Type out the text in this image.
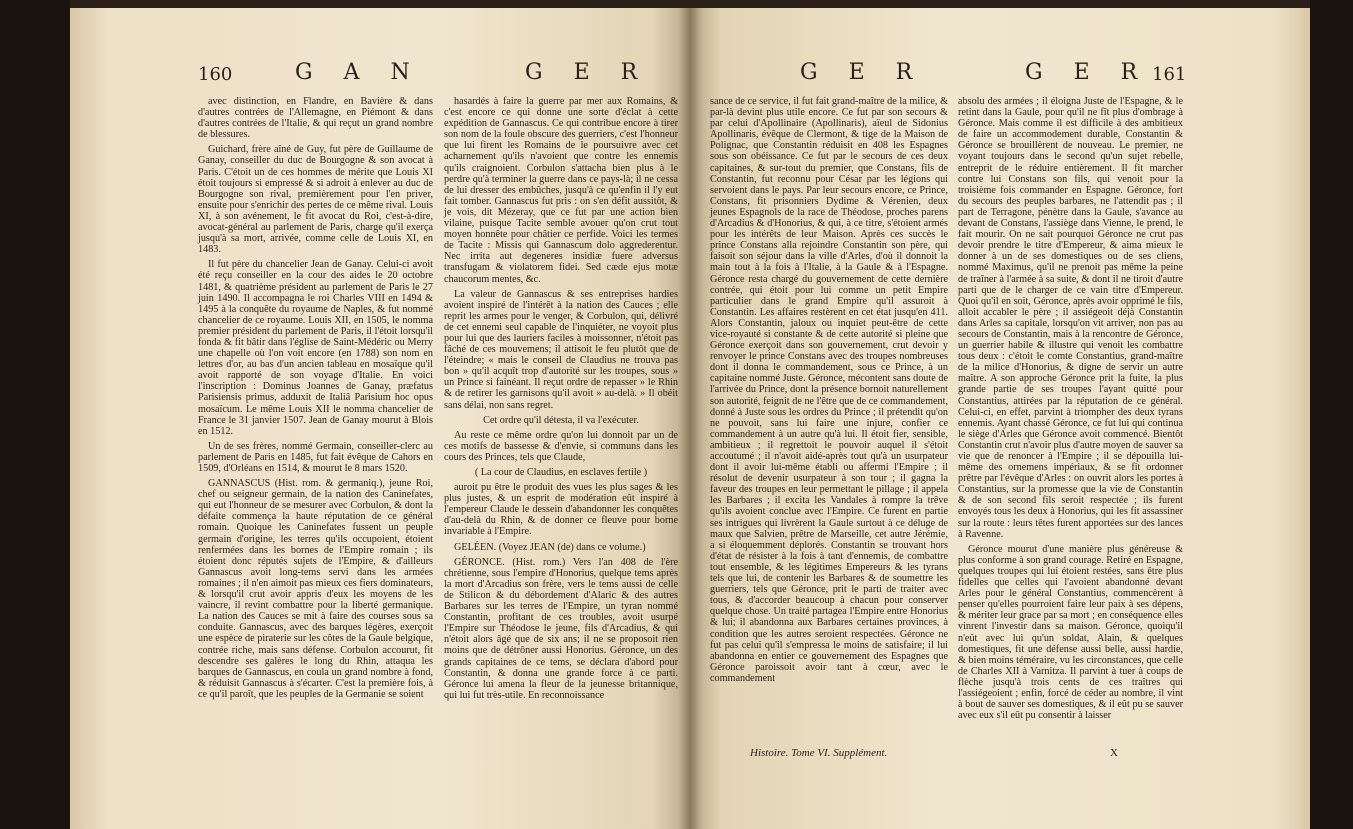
160	G A N	G E R

avec distinction, en Flandre, en Bavière & dans d'autres contrées de l'Allemagne, en Piémont & dans d'autres contrées de l'Italie, & qui reçut un grand nombre de blessures.

Guichard, frère aîné de Guy, fut père de Guillaume de Ganay, conseiller du duc de Bourgogne & son avocat à Paris. C'étoit un de ces hommes de mérite que Louis XI étoit toujours si empressé & si adroit à enlever au duc de Bourgogne son rival, premièrement pour l'en priver, ensuite pour s'enrichir des pertes de ce même rival. Louis XI, à son avénement, le fit avocat du Roi, c'est-à-dire, avocat-général au parlement de Paris, charge qu'il exerça jusqu'à sa mort, arrivée, comme celle de Louis XI, en 1483.

Il fut père du chancelier Jean de Ganay. Celui-ci avoit été reçu conseiller en la cour des aides le 20 octobre 1481, & quatrième président au parlement de Paris le 27 juin 1490. Il accompagna le roi Charles VIII en 1494 & 1495 à la conquête du royaume de Naples, & fut nommé chancelier de ce royaume. Louis XII, en 1505, le nomma premier président du parlement de Paris, il l'étoit lorsqu'il fonda & fit bâtir dans l'église de Saint-Médéric ou Merry une chapelle où l'on voit encore (en 1788) son nom en lettres d'or, au bas d'un ancien tableau en mosaïque qu'il avoit rapporté de son voyage d'Italie. En voici l'inscription : Dominus Joannes de Ganay, præfatus Parisiensis primus, adduxit de Italiâ Parisium hoc opus mosaïcum. Le même Louis XII le nomma chancelier de France le 31 janvier 1507. Jean de Ganay mourut à Blois en 1512.

Un de ses frères, nommé Germain, conseiller-clerc au parlement de Paris en 1485, fut fait évêque de Cahors en 1509, d'Orléans en 1514, & mourut le 8 mars 1520.

GANNASCUS (Hist. rom. & germaniq.), jeune Roi, chef ou seigneur germain, de la nation des Caninefates, qui eut l'honneur de se mesurer avec Corbulon, & dont la défaite commença la haute réputation de ce général romain. Quoique les Caninefates fussent un peuple germain d'origine, les terres qu'ils occupoient, étoient renfermées dans les bornes de l'Empire romain ; ils étoient donc réputés sujets de l'Empire, & d'ailleurs Gannascus avoit long-tems servi dans les armées romaines ; il n'en aimoit pas mieux ces fiers dominateurs, & lorsqu'il crut avoir appris d'eux les moyens de les vaincre, il revint combattre pour la liberté germanique. La nation des Cauces se mit à faire des courses sous sa conduite. Gannascus, avec des barques légères, exerçoit une espèce de piraterie sur les côtes de la Gaule belgique, contrée riche, mais sans défense. Corbulon accourut, fit descendre ses galères le long du Rhin, attaqua les barques de Gannascus, en coula un grand nombre à fond, & réduisit Gannascus à s'écarter. C'est la première fois, à ce qu'il paroît, que les peuples de la Germanie se soient

hasardés à faire la guerre par mer aux Romains, & c'est encore ce qui donne une sorte d'éclat à cette expédition de Gannascus. Ce qui contribue encore à tirer son nom de la foule obscure des guerriers, c'est l'honneur que lui firent les Romains de le poursuivre avec cet acharnement qu'ils n'avoient que contre les ennemis qu'ils craignoient. Corbulon s'attacha bien plus à le perdre qu'à terminer la guerre dans ce pays-là; il ne cessa de lui dresser des embûches, jusqu'à ce qu'enfin il l'y eut fait tomber. Gannascus fut pris : on s'en défit aussitôt, & je vois, dit Mézeray, que ce fut par une action bien vilaine, puisque Tacite semble avouer qu'on crut tout moyen honnête pour châtier ce perfide. Voici les termes de Tacite : Missis qui Gannascum dolo aggrederentur. Nec irrita aut degeneres insidiæ fuere adversus transfugam & violatorem fidei. Sed cæde ejus motæ chaucorum mentes, &c.

La valeur de Gannascus & ses entreprises hardies avoient inspiré de l'intérêt à la nation des Cauces ; elle reprit les armes pour le venger, & Corbulon, qui, délivré de cet ennemi seul capable de l'inquiéter, ne voyoit plus pour lui que des lauriers faciles à moissonner, n'étoit pas fâché de ces mouvemens; il attisoit le feu plutôt que de l'éteindre; « mais le conseil de Claudius ne trouva pas bon » qu'il acquît trop d'autorité sur les troupes, sous » un Prince si fainéant. Il reçut ordre de repasser » le Rhin & de retirer les garnisons qu'il avoit » au-delà. » Il obéit sans délai, non sans regret.

Cet ordre qu'il détesta, il va l'exécuter.

Au reste ce même ordre qu'on lui donnoit par un de ces motifs de bassesse & d'envie, si communs dans les cours des Princes, tels que Claude,

( La cour de Claudius, en esclaves fertile )

auroit pu être le produit des vues les plus sages & les plus justes, & un esprit de modération eût inspiré à l'empereur Claude le dessein d'abandonner les conquêtes d'au-delà du Rhin, & de donner ce fleuve pour borne invariable à l'Empire.

GELÉEN. (Voyez JEAN (de) dans ce volume.)

GÉRONCE. (Hist. rom.) Vers l'an 408 de l'ère chrétienne, sous l'empire d'Honorius, quelque tems après la mort d'Arcadius son frère, vers le tems aussi de celle de Stilicon & du débordement d'Alaric & des autres Barbares sur les terres de l'Empire, un tyran nommé Constantin, profitant de ces troubles, avoit usurpé l'Empire sur Théodose le jeune, fils d'Arcadius, & qui n'étoit alors âgé que de six ans; il ne se proposoit rien moins que de détrôner aussi Honorius. Géronce, un des grands capitaines de ce tems, se déclara d'abord pour Constantin, & donna une grande force à ce parti. Géronce lui amena la fleur de la jeunesse britannique, qui lui fut très-utile. En reconnoissance

G E R	G E R 161

sance de ce service, il fut fait grand-maître de la milice, & par-là devint plus utile encore. Ce fut par son secours & par celui d'Apollinaire (Apollinaris), aïeul de Sidonius Apollinaris, évêque de Clermont, & tige de la Maison de Polignac, que Constantin réduisit en 408 les Espagnes sous son obéissance. Ce fut par le secours de ces deux capitaines, & sur-tout du premier, que Constans, fils de Constantin, fut reconnu pour César par les légions qui servoient dans le pays. Par leur secours encore, ce Prince, Constans, fit prisonniers Dydime & Vérenien, deux jeunes Espagnols de la race de Théodose, proches parens d'Arcadius & d'Honorius, & qui, à ce titre, s'étoient armés pour les intérêts de leur Maison. Après ces succès le prince Constans alla rejoindre Constantin son père, qui faisoit son séjour dans la ville d'Arles, d'où il donnoit la main tout à la fois à l'Italie, à la Gaule & à l'Espagne. Géronce resta chargé du gouvernement de cette dernière contrée, qui étoit pour lui comme un petit Empire particulier dans le grand Empire qu'il assuroit à Constantin. Les affaires restèrent en cet état jusqu'en 411. Alors Constantin, jaloux ou inquiet peut-être de cette vice-royauté si constante & de cette autorité si pleine que Géronce exerçoit dans son gouvernement, crut devoir y renvoyer le prince Constans avec des troupes nombreuses dont il donna le commandement, sous ce Prince, à un capitaine nommé Juste. Géronce, mécontent sans doute de l'arrivée du Prince, dont la présence bornoit naturellement son autorité, feignit de ne l'être que de ce commandement, donné à Juste sous les ordres du Prince ; il prétendit qu'on ne pouvoit, sans lui faire une injure, confier ce commandement à un autre qu'à lui. Il étoit fier, sensible, ambitieux ; il regrettoit le pouvoir auquel il s'étoit accoutumé ; il n'avoit aidé-après tout qu'à un usurpateur dont il avoir lui-même établi ou affermi l'Empire ; il résolut de devenir usurpateur à son tour ; il gagna la faveur des troupes en leur permettant le pillage ; il appela les Barbares ; il excita les Vandales à rompre la trêve qu'ils avoient conclue avec l'Empire. Ce furent en partie ses intrigues qui livrèrent la Gaule surtout à ce déluge de maux que Salvien, prêtre de Marseille, cet autre Jérémie, a si éloquemment déplorés. Constantin se trouvant hors d'état de résister à la fois à tant d'ennemis, de combattre tout ensemble, & les légitimes Empereurs & les tyrans tels que lui, de contenir les Barbares & de soumettre les guerriers, tels que Géronce, prit le parti de traiter avec tous, & d'accorder beaucoup à chacun pour conserver quelque chose. Un traité partagea l'Empire entre Honorius & lui; il abandonna aux Barbares certaines provinces, à condition que les autres seroient respectées. Géronce ne fut pas celui qu'il s'empressa le moins de satisfaire; il lui abandonna en entier ce gouvernement des Espagnes que Géronce paroissoit avoir tant à cœur, avec le commandement

absolu des armées ; il éloigna Juste de l'Espagne, & le retint dans la Gaule, pour qu'il ne fît plus d'ombrage à Géronce. Mais comme il est difficile à des ambitieux de faire un accommodement durable, Constantin & Géronce se brouillèrent de nouveau. Le premier, ne voyant toujours dans le second qu'un sujet rebelle, entreprit de le réduire entièrement. Il fit marcher contre lui Constans son fils, qui venoit pour la troisième fois commander en Espagne. Géronce, fort du secours des peuples barbares, ne l'attendit pas ; il part de Terragone, pénètre dans la Gaule, s'avance au devant de Constans, l'assiège dans Vienne, le prend, le fait mourir. On ne sait pourquoi Géronce ne crut pas devoir prendre le titre d'Empereur, & aima mieux le donner à un de ses domestiques ou de ses cliens, nommé Maximus, qu'il ne prenoit pas même la peine de traîner à l'armée à sa suite, & dont il ne tiroit d'autre parti que de le charger de ce vain titre d'Empereur. Quoi qu'il en soit, Géronce, après avoir opprimé le fils, alloit accabler le père ; il assiégeoit déjà Constantin dans Arles sa capitale, lorsqu'on vit arriver, non pas au secours de Constantin, mais à la rencontre de Géronce, un guerrier habile & illustre qui venoit les combattre tous deux : c'étoit le comte Constantius, grand-maître de la milice d'Honorius, & digne de servir un autre maître. A son approche Géronce prit la fuite, la plus grande partie de ses troupes l'ayant quitté pour Constantius, attirées par la réputation de ce général. Celui-ci, en effet, parvint à triompher des deux tyrans ennemis. Ayant chassé Géronce, ce fut lui qui continua le siège d'Arles que Géronce avoit commencé. Bientôt Constantin crut n'avoir plus d'autre moyen de sauver sa vie que de renoncer à l'Empire ; il se dépouilla lui-même des ornemens impériaux, & se fit ordonner prêtre par l'évêque d'Arles : on ouvrit alors les portes à Constantius, sur la promesse que la vie de Constantin & de son second fils seroit respectée ; ils furent envoyés tous les deux à Honorius, qui les fit assassiner sur la route : leurs têtes furent apportées sur des lances à Ravenne.

Géronce mourut d'une manière plus généreuse & plus conforme à son grand courage. Retiré en Espagne, quelques troupes qui lui étoient restées, sans être plus fidelles que celles qui l'avoient abandonné devant Arles pour le général Constantius, commencèrent à penser qu'elles pourroient faire leur paix à ses dépens, & mériter leur grace par sa mort ; en conséquence elles vinrent l'investir dans sa maison. Géronce, quoiqu'il n'eût avec lui qu'un soldat, Alain, & quelques domestiques, fit une défense aussi belle, aussi hardie, & bien moins téméraire, vu les circonstances, que celle de Charles XII à Varnitza. Il parvint à tuer à coups de flèche jusqu'à trois cents de ces traîtres qui l'assiégeoient ; enfin, forcé de céder au nombre, il vint à bout de sauver ses domestiques, & il eût pu se sauver avec eux s'il eût pu consentir à laisser

Histoire. Tome VI. Supplément.	X
